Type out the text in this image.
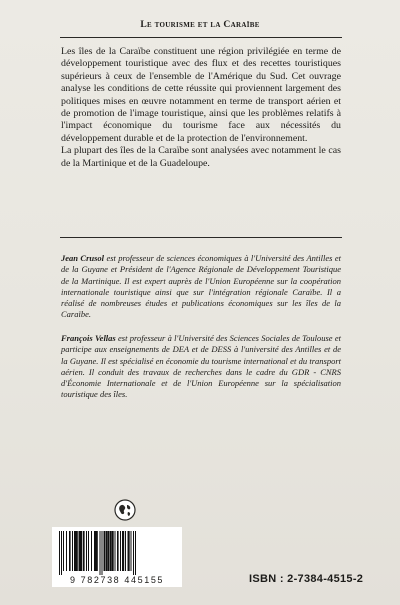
Le tourisme et la Caraïbe

Les îles de la Caraïbe constituent une région privilégiée en terme de développement touristique avec des flux et des recettes touristiques supérieurs à ceux de l'ensemble de l'Amérique du Sud. Cet ouvrage analyse les conditions de cette réussite qui proviennent largement des politiques mises en œuvre notamment en terme de transport aérien et de promotion de l'image touristique, ainsi que les problèmes relatifs à l'impact économique du tourisme face aux nécessités du développement durable et de la protection de l'environnement.

La plupart des îles de la Caraïbe sont analysées avec notamment le cas de la Martinique et de la Guadeloupe.

Jean Crusol est professeur de sciences économiques à l'Université des Antilles et de la Guyane et Président de l'Agence Régionale de Développement Touristique de la Martinique. Il est expert auprès de l'Union Européenne sur la coopération internationale touristique ainsi que sur l'intégration régionale Caraïbe. Il a réalisé de nombreuses études et publications économiques sur les îles de la Caraïbe.

François Vellas est professeur à l'Université des Sciences Sociales de Toulouse et participe aux enseignements de DEA et de DESS à l'université des Antilles et de la Guyane. Il est spécialisé en économie du tourisme international et du transport aérien. Il conduit des travaux de recherches dans le cadre du GDR - CNRS d'Économie Internationale et de l'Union Européenne sur la spécialisation touristique des îles.

9 782738 445155	ISBN : 2-7384-4515-2
